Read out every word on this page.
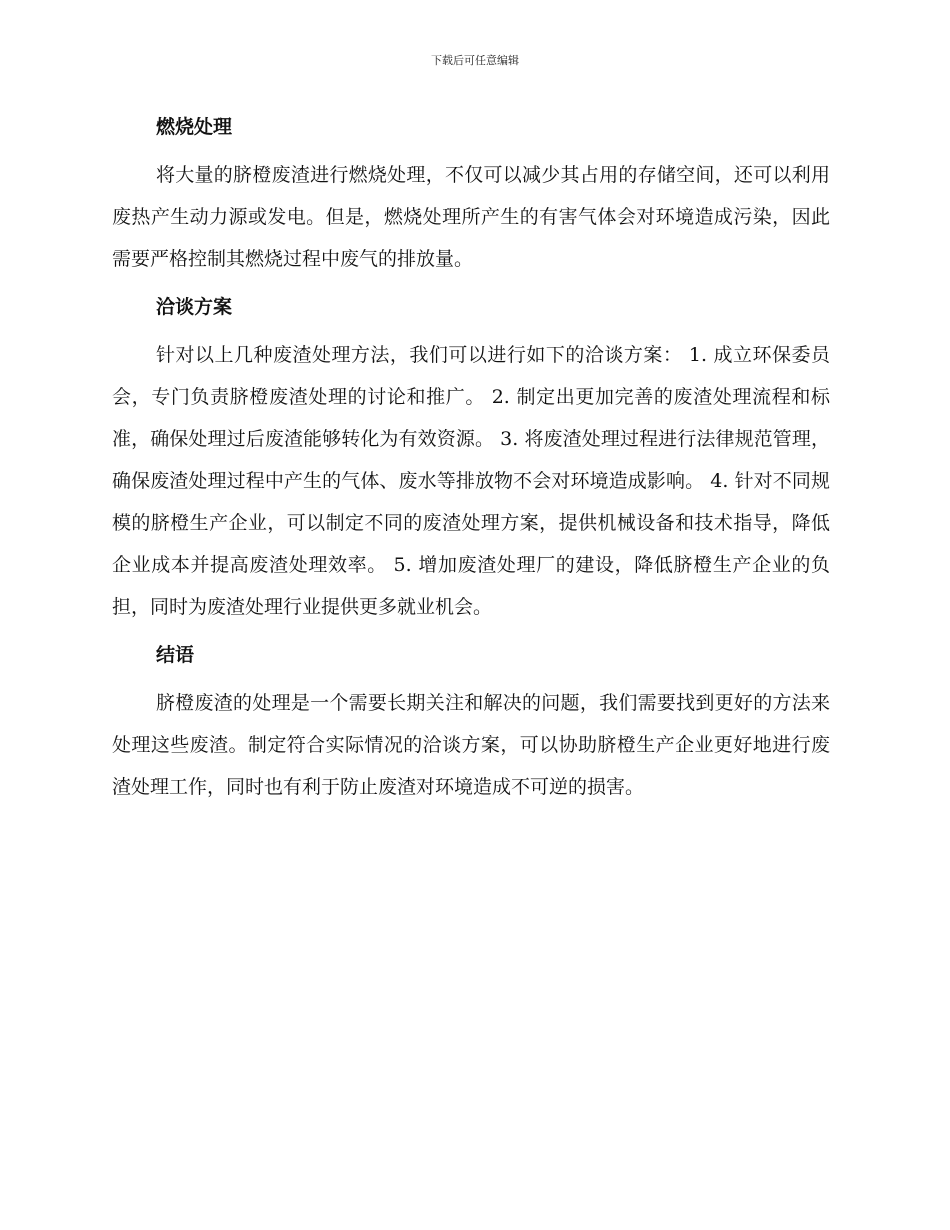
下载后可任意编辑
燃烧处理

将大量的脐橙废渣进行燃烧处理，不仅可以减少其占用的存储空间，还可以利用废热产生动力源或发电。但是，燃烧处理所产生的有害气体会对环境造成污染，因此需要严格控制其燃烧过程中废气的排放量。

洽谈方案

针对以上几种废渣处理方法，我们可以进行如下的洽谈方案： 1. 成立环保委员会，专门负责脐橙废渣处理的讨论和推广。 2. 制定出更加完善的废渣处理流程和标准，确保处理过后废渣能够转化为有效资源。 3. 将废渣处理过程进行法律规范管理，确保废渣处理过程中产生的气体、废水等排放物不会对环境造成影响。 4. 针对不同规模的脐橙生产企业，可以制定不同的废渣处理方案，提供机械设备和技术指导，降低企业成本并提高废渣处理效率。 5. 增加废渣处理厂的建设，降低脐橙生产企业的负担，同时为废渣处理行业提供更多就业机会。

结语

脐橙废渣的处理是一个需要长期关注和解决的问题，我们需要找到更好的方法来处理这些废渣。制定符合实际情况的洽谈方案，可以协助脐橙生产企业更好地进行废渣处理工作，同时也有利于防止废渣对环境造成不可逆的损害。
